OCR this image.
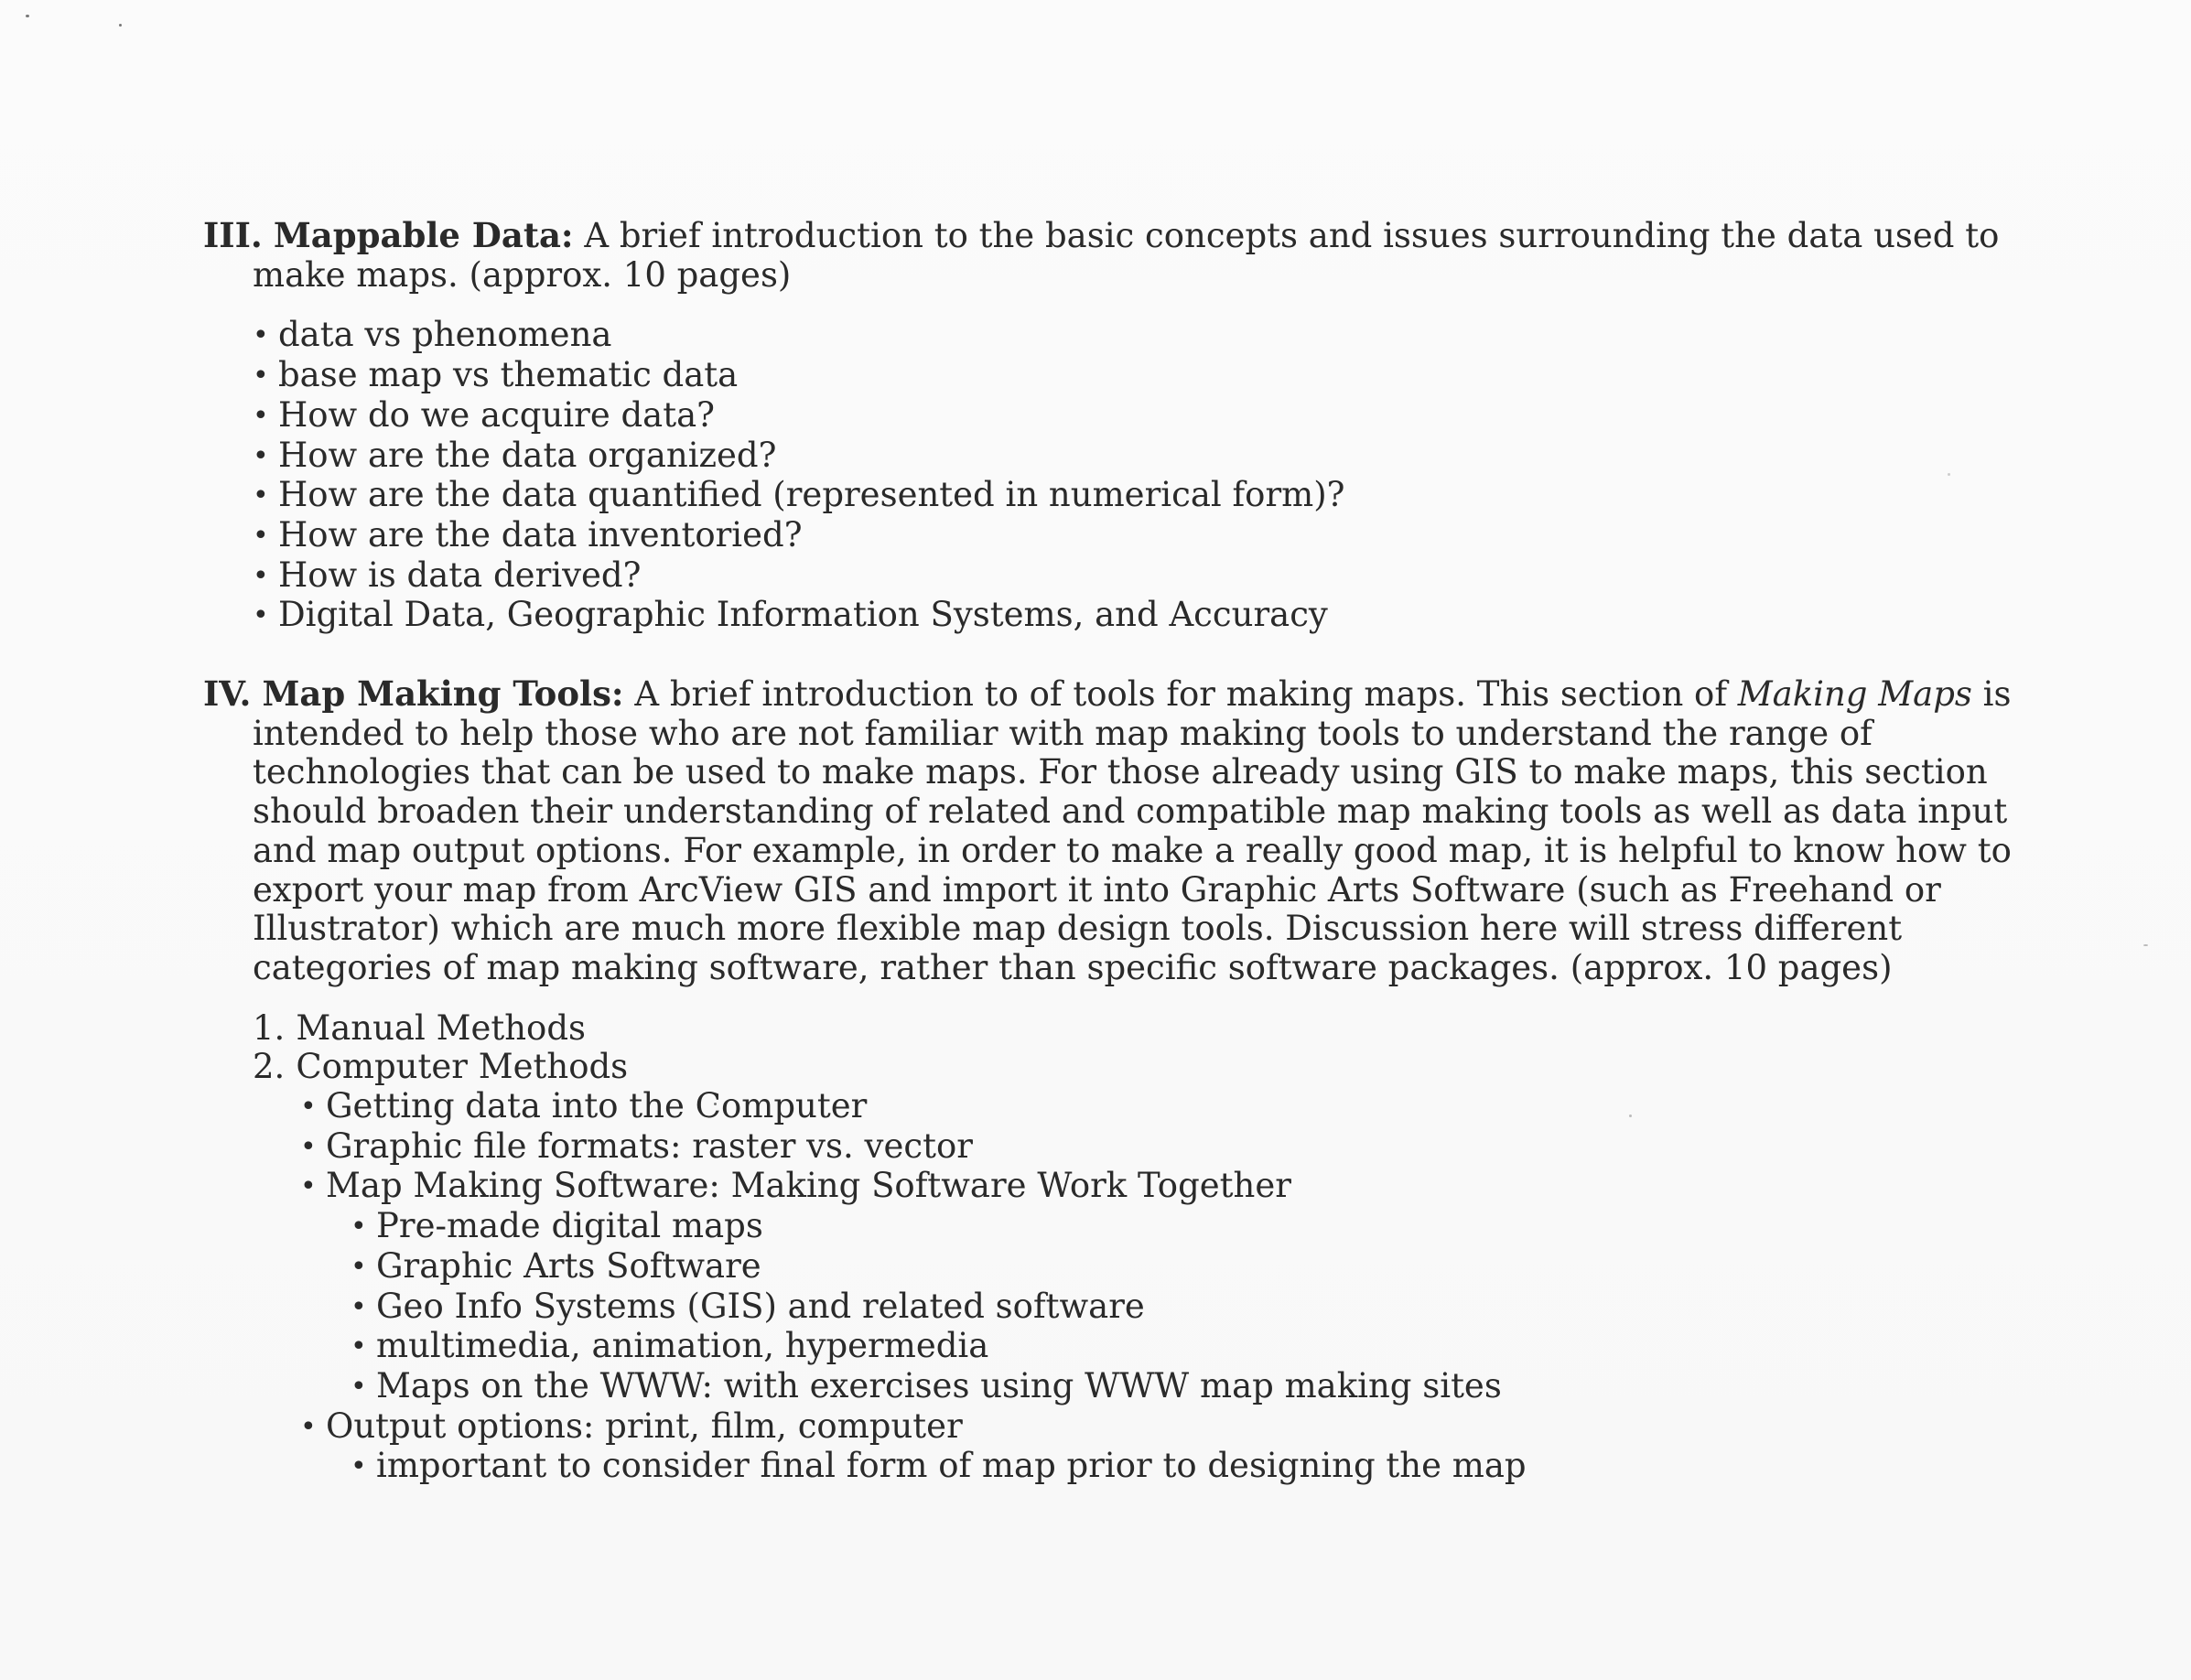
III. Mappable Data: A brief introduction to the basic concepts and issues surrounding the data used to make maps. (approx. 10 pages)

• data vs phenomena
• base map vs thematic data
• How do we acquire data?
• How are the data organized?
• How are the data quantified (represented in numerical form)?
• How are the data inventoried?
• How is data derived?
• Digital Data, Geographic Information Systems, and Accuracy

IV. Map Making Tools: A brief introduction to of tools for making maps. This section of Making Maps is intended to help those who are not familiar with map making tools to understand the range of technologies that can be used to make maps. For those already using GIS to make maps, this section should broaden their understanding of related and compatible map making tools as well as data input and map output options. For example, in order to make a really good map, it is helpful to know how to export your map from ArcView GIS and import it into Graphic Arts Software (such as Freehand or Illustrator) which are much more flexible map design tools. Discussion here will stress different categories of map making software, rather than specific software packages. (approx. 10 pages)

1. Manual Methods
2. Computer Methods
• Getting data into the Computer
• Graphic file formats: raster vs. vector
• Map Making Software: Making Software Work Together
• Pre-made digital maps
• Graphic Arts Software
• Geo Info Systems (GIS) and related software
• multimedia, animation, hypermedia
• Maps on the WWW: with exercises using WWW map making sites
• Output options: print, film, computer
• important to consider final form of map prior to designing the map
